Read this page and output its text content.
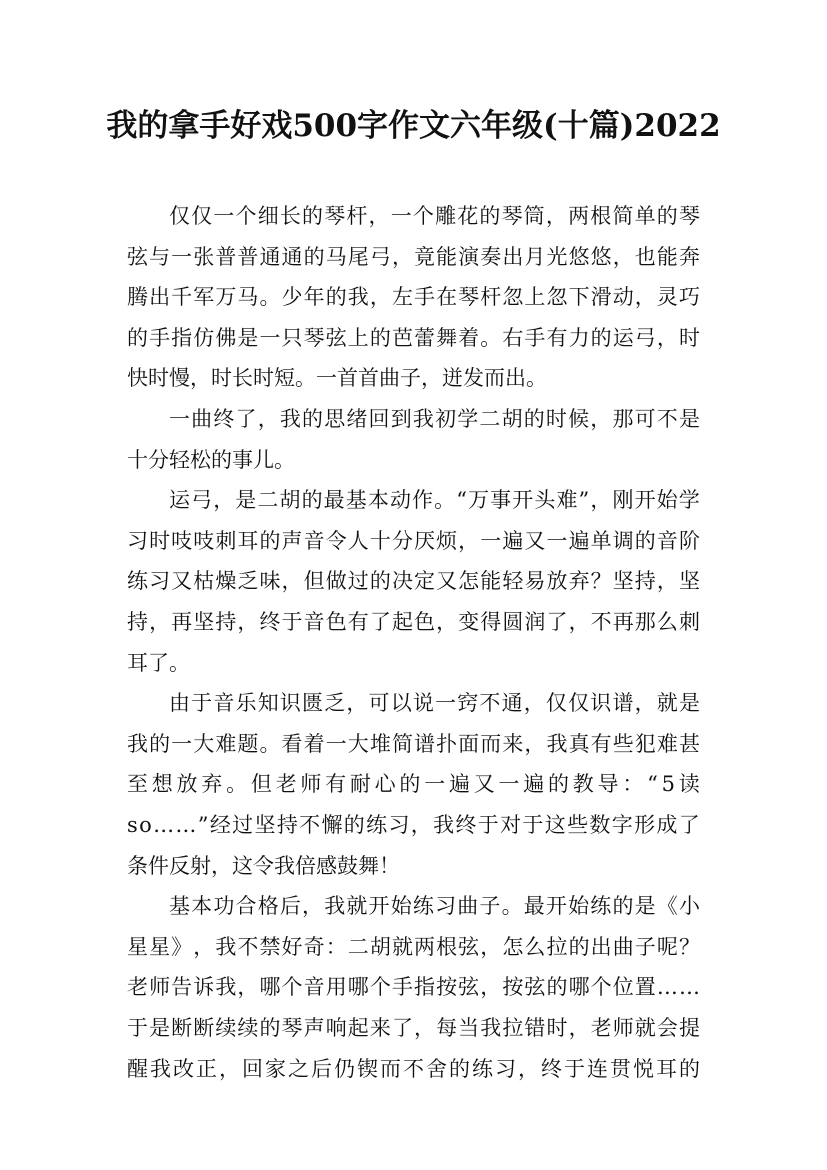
我的拿手好戏500字作文六年级(十篇)2022
仅 仅 一 个 细 长 的 琴 杆 ， 一 个 雕 花 的 琴 筒 ， 两 根 简 单 的 琴
弦 与 一 张 普 普 通 通 的 马 尾 弓 ， 竟 能 演 奏 出 月 光 悠 悠 ， 也 能 奔
腾 出 千 军 万 马 。 少 年 的 我 ， 左 手 在 琴 杆 忽 上 忽 下 滑 动 ， 灵 巧
的 手 指 仿 佛 是 一 只 琴 弦 上 的 芭 蕾 舞 着 。 右 手 有 力 的 运 弓 ， 时
快时慢，时长时短。一首首曲子，迸发而出。
一 曲 终 了 ， 我 的 思 绪 回 到 我 初 学 二 胡 的 时 候 ， 那 可 不 是
十分轻松的事儿。
运 弓 ， 是 二 胡 的 最 基 本 动 作 。 “ 万 事 开 头 难 ” ， 刚 开 始 学
习 时 吱 吱 刺 耳 的 声 音 令 人 十 分 厌 烦 ， 一 遍 又 一 遍 单 调 的 音 阶
练 习 又 枯 燥 乏 味 ， 但 做 过 的 决 定 又 怎 能 轻 易 放 弃 ？ 坚 持 ， 坚
持 ， 再 坚 持 ， 终 于 音 色 有 了 起 色 ， 变 得 圆 润 了 ， 不 再 那 么 刺
耳了。
由 于 音 乐 知 识 匮 乏 ， 可 以 说 一 窍 不 通 ， 仅 仅 识 谱 ， 就 是
我 的 一 大 难 题 。 看 着 一 大 堆 简 谱 扑 面 而 来 ， 我 真 有 些 犯 难 甚
至 想 放 弃 。 但 老 师 有 耐 心 的 一 遍 又 一 遍 的 教 导 ： “ 5 读
s o … … ” 经 过 坚 持 不 懈 的 练 习 ， 我 终 于 对 于 这 些 数 字 形 成 了
条件反射，这令我倍感鼓舞！
基 本 功 合 格 后 ， 我 就 开 始 练 习 曲 子 。 最 开 始 练 的 是 《 小
星 星 》 ， 我 不 禁 好 奇 ： 二 胡 就 两 根 弦 ， 怎 么 拉 的 出 曲 子 呢 ？
老 师 告 诉 我 ， 哪 个 音 用 哪 个 手 指 按 弦 ， 按 弦 的 哪 个 位 置 … …
于 是 断 断 续 续 的 琴 声 响 起 来 了 ， 每 当 我 拉 错 时 ， 老 师 就 会 提
醒 我 改 正 ， 回 家 之 后 仍 锲 而 不 舍 的 练 习 ， 终 于 连 贯 悦 耳 的
